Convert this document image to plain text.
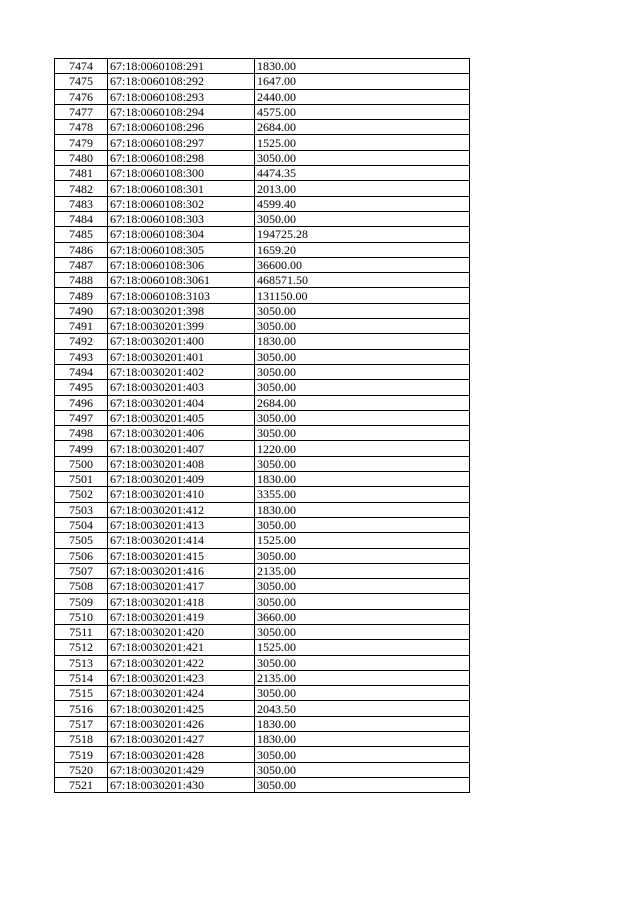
7474	67:18:0060108:291	1830.00
7475	67:18:0060108:292	1647.00
7476	67:18:0060108:293	2440.00
7477	67:18:0060108:294	4575.00
7478	67:18:0060108:296	2684.00
7479	67:18:0060108:297	1525.00
7480	67:18:0060108:298	3050.00
7481	67:18:0060108:300	4474.35
7482	67:18:0060108:301	2013.00
7483	67:18:0060108:302	4599.40
7484	67:18:0060108:303	3050.00
7485	67:18:0060108:304	194725.28
7486	67:18:0060108:305	1659.20
7487	67:18:0060108:306	36600.00
7488	67:18:0060108:3061	468571.50
7489	67:18:0060108:3103	131150.00
7490	67:18:0030201:398	3050.00
7491	67:18:0030201:399	3050.00
7492	67:18:0030201:400	1830.00
7493	67:18:0030201:401	3050.00
7494	67:18:0030201:402	3050.00
7495	67:18:0030201:403	3050.00
7496	67:18:0030201:404	2684.00
7497	67:18:0030201:405	3050.00
7498	67:18:0030201:406	3050.00
7499	67:18:0030201:407	1220.00
7500	67:18:0030201:408	3050.00
7501	67:18:0030201:409	1830.00
7502	67:18:0030201:410	3355.00
7503	67:18:0030201:412	1830.00
7504	67:18:0030201:413	3050.00
7505	67:18:0030201:414	1525.00
7506	67:18:0030201:415	3050.00
7507	67:18:0030201:416	2135.00
7508	67:18:0030201:417	3050.00
7509	67:18:0030201:418	3050.00
7510	67:18:0030201:419	3660.00
7511	67:18:0030201:420	3050.00
7512	67:18:0030201:421	1525.00
7513	67:18:0030201:422	3050.00
7514	67:18:0030201:423	2135.00
7515	67:18:0030201:424	3050.00
7516	67:18:0030201:425	2043.50
7517	67:18:0030201:426	1830.00
7518	67:18:0030201:427	1830.00
7519	67:18:0030201:428	3050.00
7520	67:18:0030201:429	3050.00
7521	67:18:0030201:430	3050.00
